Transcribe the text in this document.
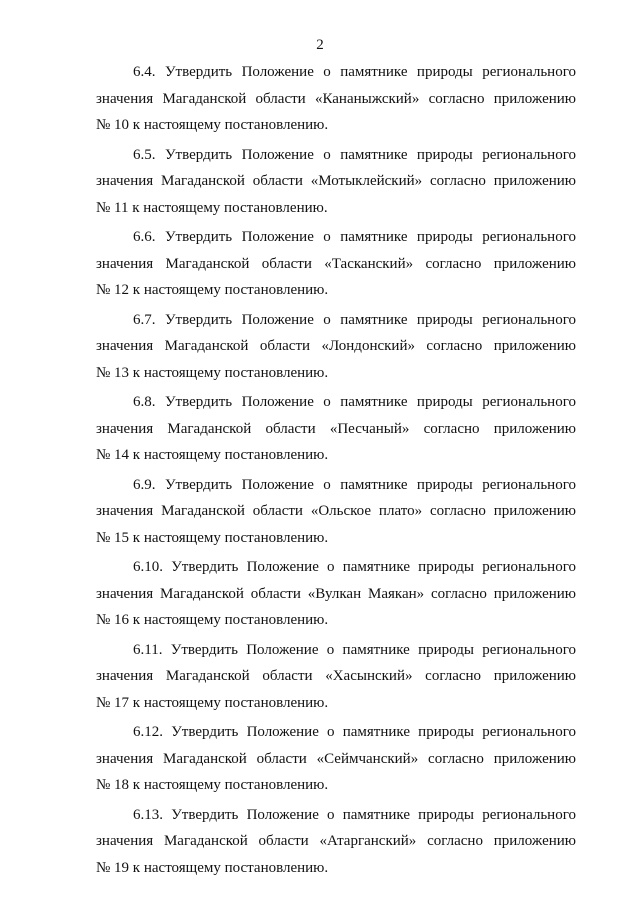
2
6.4. Утвердить Положение о памятнике природы регионального
значения Магаданской области «Кананыжский» согласно приложению
№ 10 к настоящему постановлению.
6.5. Утвердить Положение о памятнике природы регионального
значения Магаданской области «Мотыклейский» согласно приложению
№ 11 к настоящему постановлению.
6.6. Утвердить Положение о памятнике природы регионального
значения Магаданской области «Тасканский» согласно приложению
№ 12 к настоящему постановлению.
6.7. Утвердить Положение о памятнике природы регионального
значения Магаданской области «Лондонский» согласно приложению
№ 13 к настоящему постановлению.
6.8. Утвердить Положение о памятнике природы регионального
значения Магаданской области «Песчаный» согласно приложению
№ 14 к настоящему постановлению.
6.9. Утвердить Положение о памятнике природы регионального
значения Магаданской области «Ольское плато» согласно приложению
№ 15 к настоящему постановлению.
6.10. Утвердить Положение о памятнике природы регионального
значения Магаданской области «Вулкан Маякан» согласно приложению
№ 16 к настоящему постановлению.
6.11. Утвердить Положение о памятнике природы регионального
значения Магаданской области «Хасынский» согласно приложению
№ 17 к настоящему постановлению.
6.12. Утвердить Положение о памятнике природы регионального
значения Магаданской области «Сеймчанский» согласно приложению
№ 18 к настоящему постановлению.
6.13. Утвердить Положение о памятнике природы регионального
значения Магаданской области «Атарганский» согласно приложению
№ 19 к настоящему постановлению.
